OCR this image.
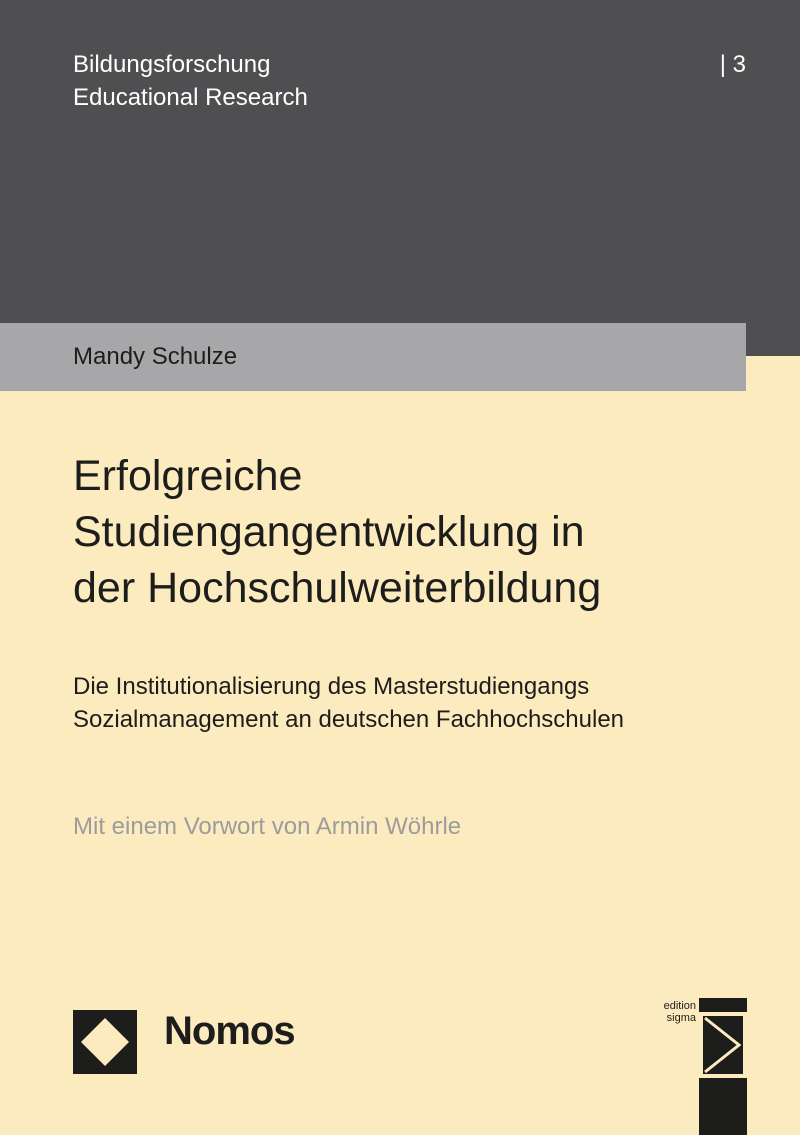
Bildungsforschung
Educational Research
| 3
Mandy Schulze
Erfolgreiche
Studiengangentwicklung in
der Hochschulweiterbildung
Die Institutionalisierung des Masterstudiengangs
Sozialmanagement an deutschen Fachhochschulen
Mit einem Vorwort von Armin Wöhrle
Nomos
edition
sigma
